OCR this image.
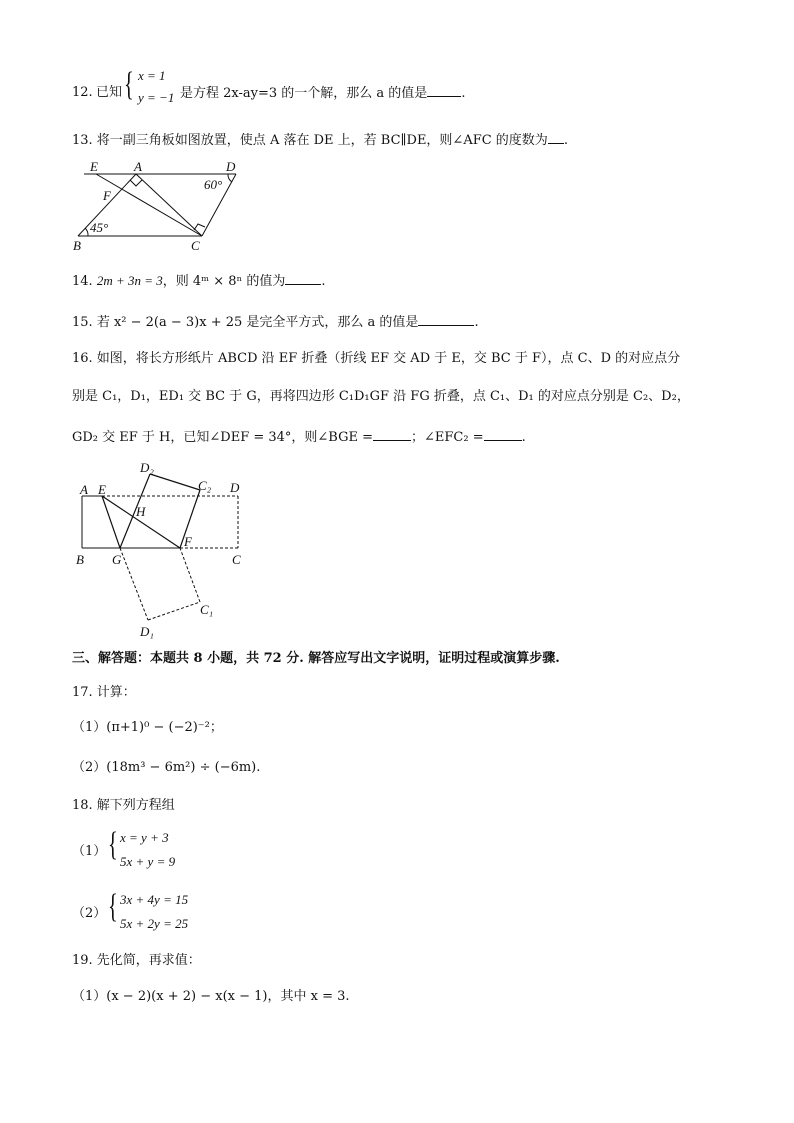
12. 已知 { x = 1
y = −1 是方程 2x-ay=3 的一个解，那么 a 的值是	.
13. 将一副三角板如图放置，使点 A 落在 DE 上，若 BC∥DE，则∠AFC 的度数为 .
E	A	D
60°
F
45°
B	C
14. 2m + 3n = 3，则 4ᵐ × 8ⁿ 的值为	.
15. 若 x² − 2(a − 3)x + 25 是完全平方式，那么 a 的值是	.
16. 如图，将长方形纸片 ABCD 沿 EF 折叠（折线 EF 交 AD 于 E，交 BC 于 F），点 C、D 的对应点分
别是 C₁，D₁，ED₁ 交 BC 于 G，再将四边形 C₁D₁GF 沿 FG 折叠，点 C₁、D₁ 的对应点分别是 C₂、D₂，
GD₂ 交 EF 于 H，已知∠DEF = 34°，则∠BGE =	；∠EFC₂ =	.
A E
D₂
C₂ D
H
B G
F
C
C₁
D₁
三、解答题：本题共 8 小题，共 72 分. 解答应写出文字说明，证明过程或演算步骤.
17. 计算：
（1）(π+1)⁰ − (−2)⁻²；
（2）(18m³ − 6m²) ÷ (−6m).
18. 解下列方程组
（1） { x = y + 3
5x + y = 9
（2） { 3x + 4y = 15
5x + 2y = 25
19. 先化简，再求值：
（1）(x − 2)(x + 2) − x(x − 1)，其中 x = 3.
